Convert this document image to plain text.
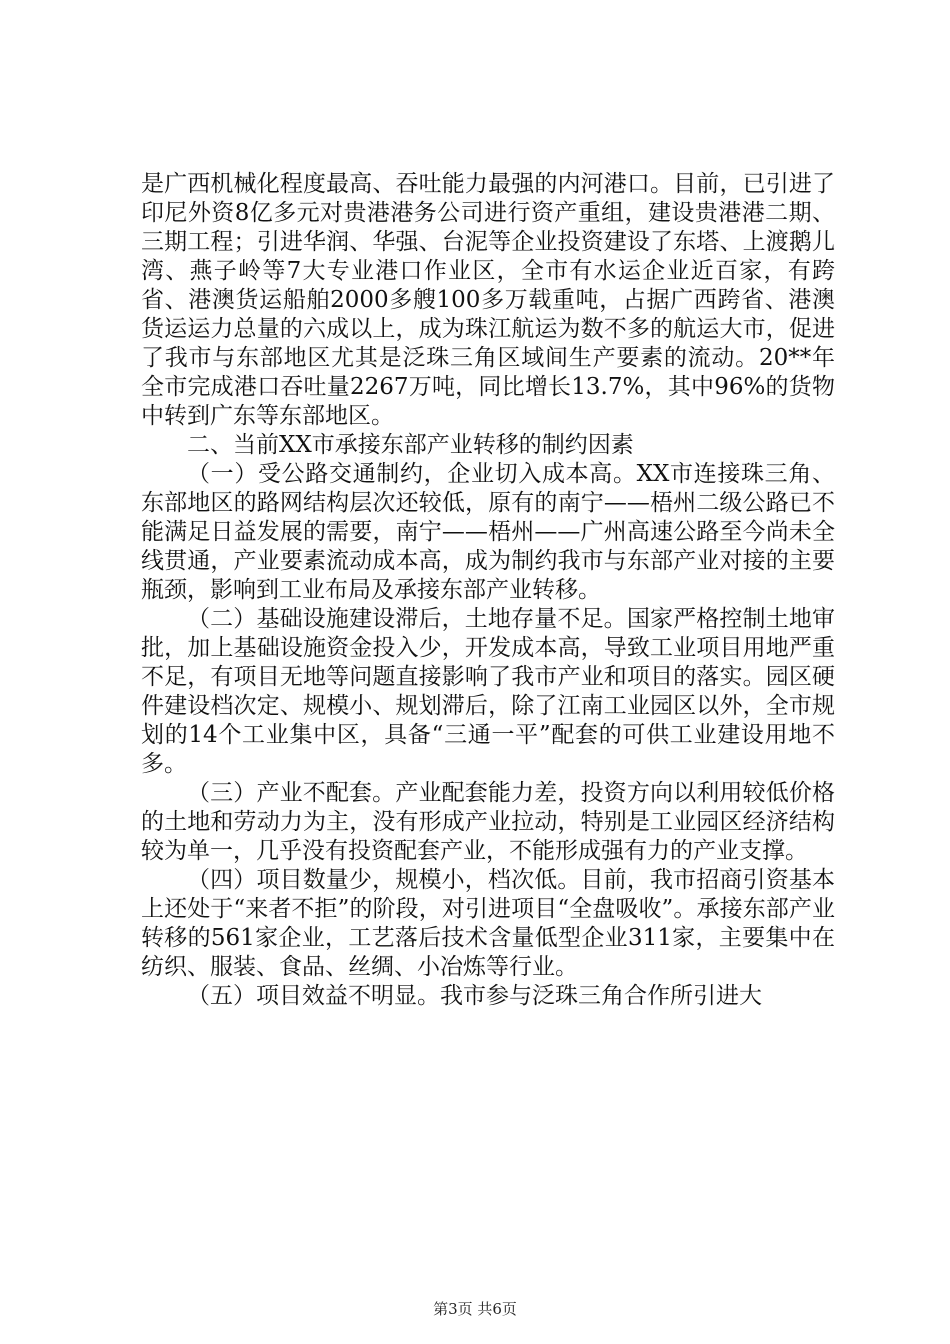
是广西机械化程度最高、吞吐能力最强的内河港口。目前，已引进了印尼外资8亿多元对贵港港务公司进行资产重组，建设贵港港二期、三期工程；引进华润、华强、台泥等企业投资建设了东塔、上渡鹅儿湾、燕子岭等7大专业港口作业区，全市有水运企业近百家，有跨省、港澳货运船舶2000多艘100多万载重吨，占据广西跨省、港澳货运运力总量的六成以上，成为珠江航运为数不多的航运大市，促进了我市与东部地区尤其是泛珠三角区域间生产要素的流动。20**年全市完成港口吞吐量2267万吨，同比增长13.7%，其中96%的货物中转到广东等东部地区。

二、当前XX市承接东部产业转移的制约因素

（一）受公路交通制约，企业切入成本高。XX市连接珠三角、东部地区的路网结构层次还较低，原有的南宁——梧州二级公路已不能满足日益发展的需要，南宁——梧州——广州高速公路至今尚未全线贯通，产业要素流动成本高，成为制约我市与东部产业对接的主要瓶颈，影响到工业布局及承接东部产业转移。

（二）基础设施建设滞后，土地存量不足。国家严格控制土地审批，加上基础设施资金投入少，开发成本高，导致工业项目用地严重不足，有项目无地等问题直接影响了我市产业和项目的落实。园区硬件建设档次定、规模小、规划滞后，除了江南工业园区以外，全市规划的14个工业集中区，具备“三通一平”配套的可供工业建设用地不多。

（三）产业不配套。产业配套能力差，投资方向以利用较低价格的土地和劳动力为主，没有形成产业拉动，特别是工业园区经济结构较为单一，几乎没有投资配套产业，不能形成强有力的产业支撑。

（四）项目数量少，规模小，档次低。目前，我市招商引资基本上还处于“来者不拒”的阶段，对引进项目“全盘吸收”。承接东部产业转移的561家企业，工艺落后技术含量低型企业311家，主要集中在纺织、服装、食品、丝绸、小冶炼等行业。

（五）项目效益不明显。我市参与泛珠三角合作所引进大

第3页 共6页
